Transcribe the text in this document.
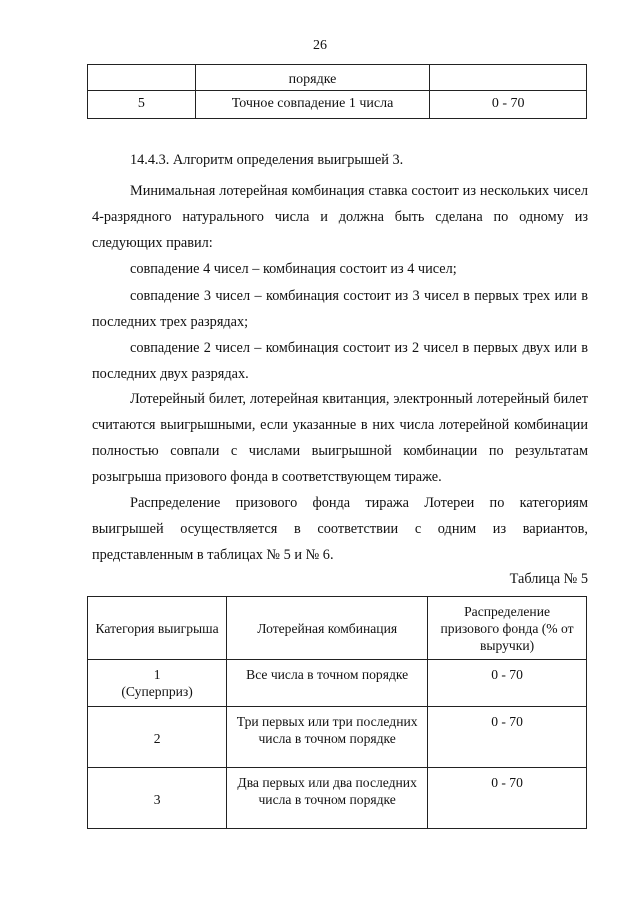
26
	порядке	
5	Точное совпадение 1 числа	0 - 70

14.4.3. Алгоритм определения выигрышей 3.

Минимальная лотерейная комбинация ставка состоит из нескольких чисел 4-разрядного натурального числа и должна быть сделана по одному из следующих правил:

совпадение 4 чисел – комбинация состоит из 4 чисел;

совпадение 3 чисел – комбинация состоит из 3 чисел в первых трех или в последних трех разрядах;

совпадение 2 чисел – комбинация состоит из 2 чисел в первых двух или в последних двух разрядах.

Лотерейный билет, лотерейная квитанция, электронный лотерейный билет считаются выигрышными, если указанные в них числа лотерейной комбинации полностью совпали с числами выигрышной комбинации по результатам розыгрыша призового фонда в соответствующем тираже.

Распределение призового фонда тиража Лотереи по категориям выигрышей осуществляется в соответствии с одним из вариантов, представленным в таблицах № 5 и № 6.

Таблица № 5
Категория выигрыша	Лотерейная комбинация	Распределение призового фонда (% от выручки)

1
(Суперприз)	Все числа в точном порядке	0 - 70
2	Три первых или три последних числа в точном порядке	0 - 70
3	Два первых или два последних числа в точном порядке	0 - 70
